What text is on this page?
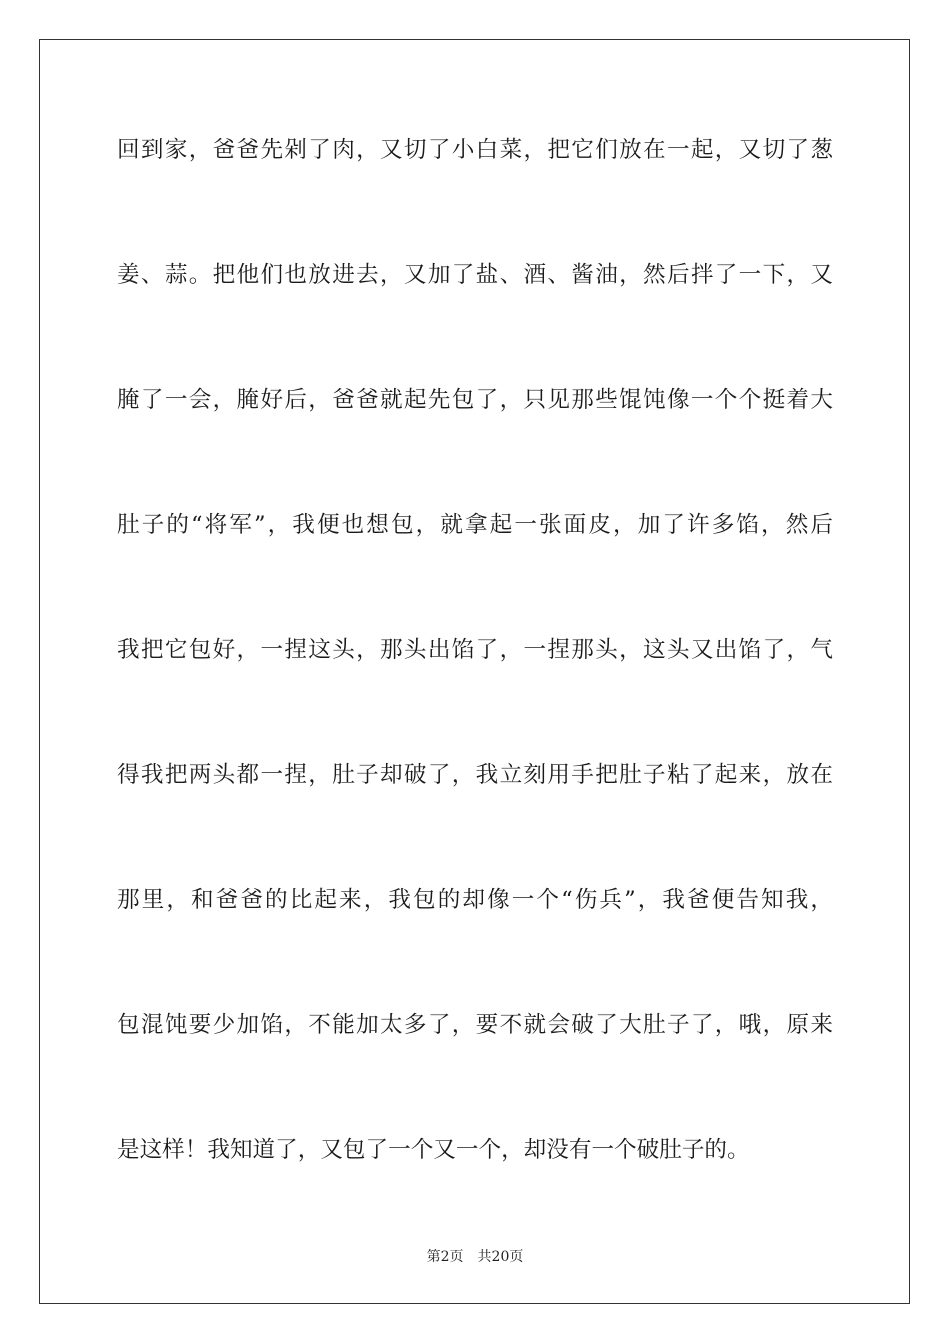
回到家，爸爸先剁了肉，又切了小白菜，把它们放在一起，又切了葱
姜、蒜。把他们也放进去，又加了盐、酒、酱油，然后拌了一下，又
腌了一会，腌好后，爸爸就起先包了，只见那些馄饨像一个个挺着大
肚子的“将军”，我便也想包，就拿起一张面皮，加了许多馅，然后
我把它包好，一捏这头，那头出馅了，一捏那头，这头又出馅了，气
得我把两头都一捏，肚子却破了，我立刻用手把肚子粘了起来，放在
那里，和爸爸的比起来，我包的却像一个“伤兵”，我爸便告知我，
包混饨要少加馅，不能加太多了，要不就会破了大肚子了，哦，原来
是这样！我知道了，又包了一个又一个，却没有一个破肚子的。
第2页 共20页
